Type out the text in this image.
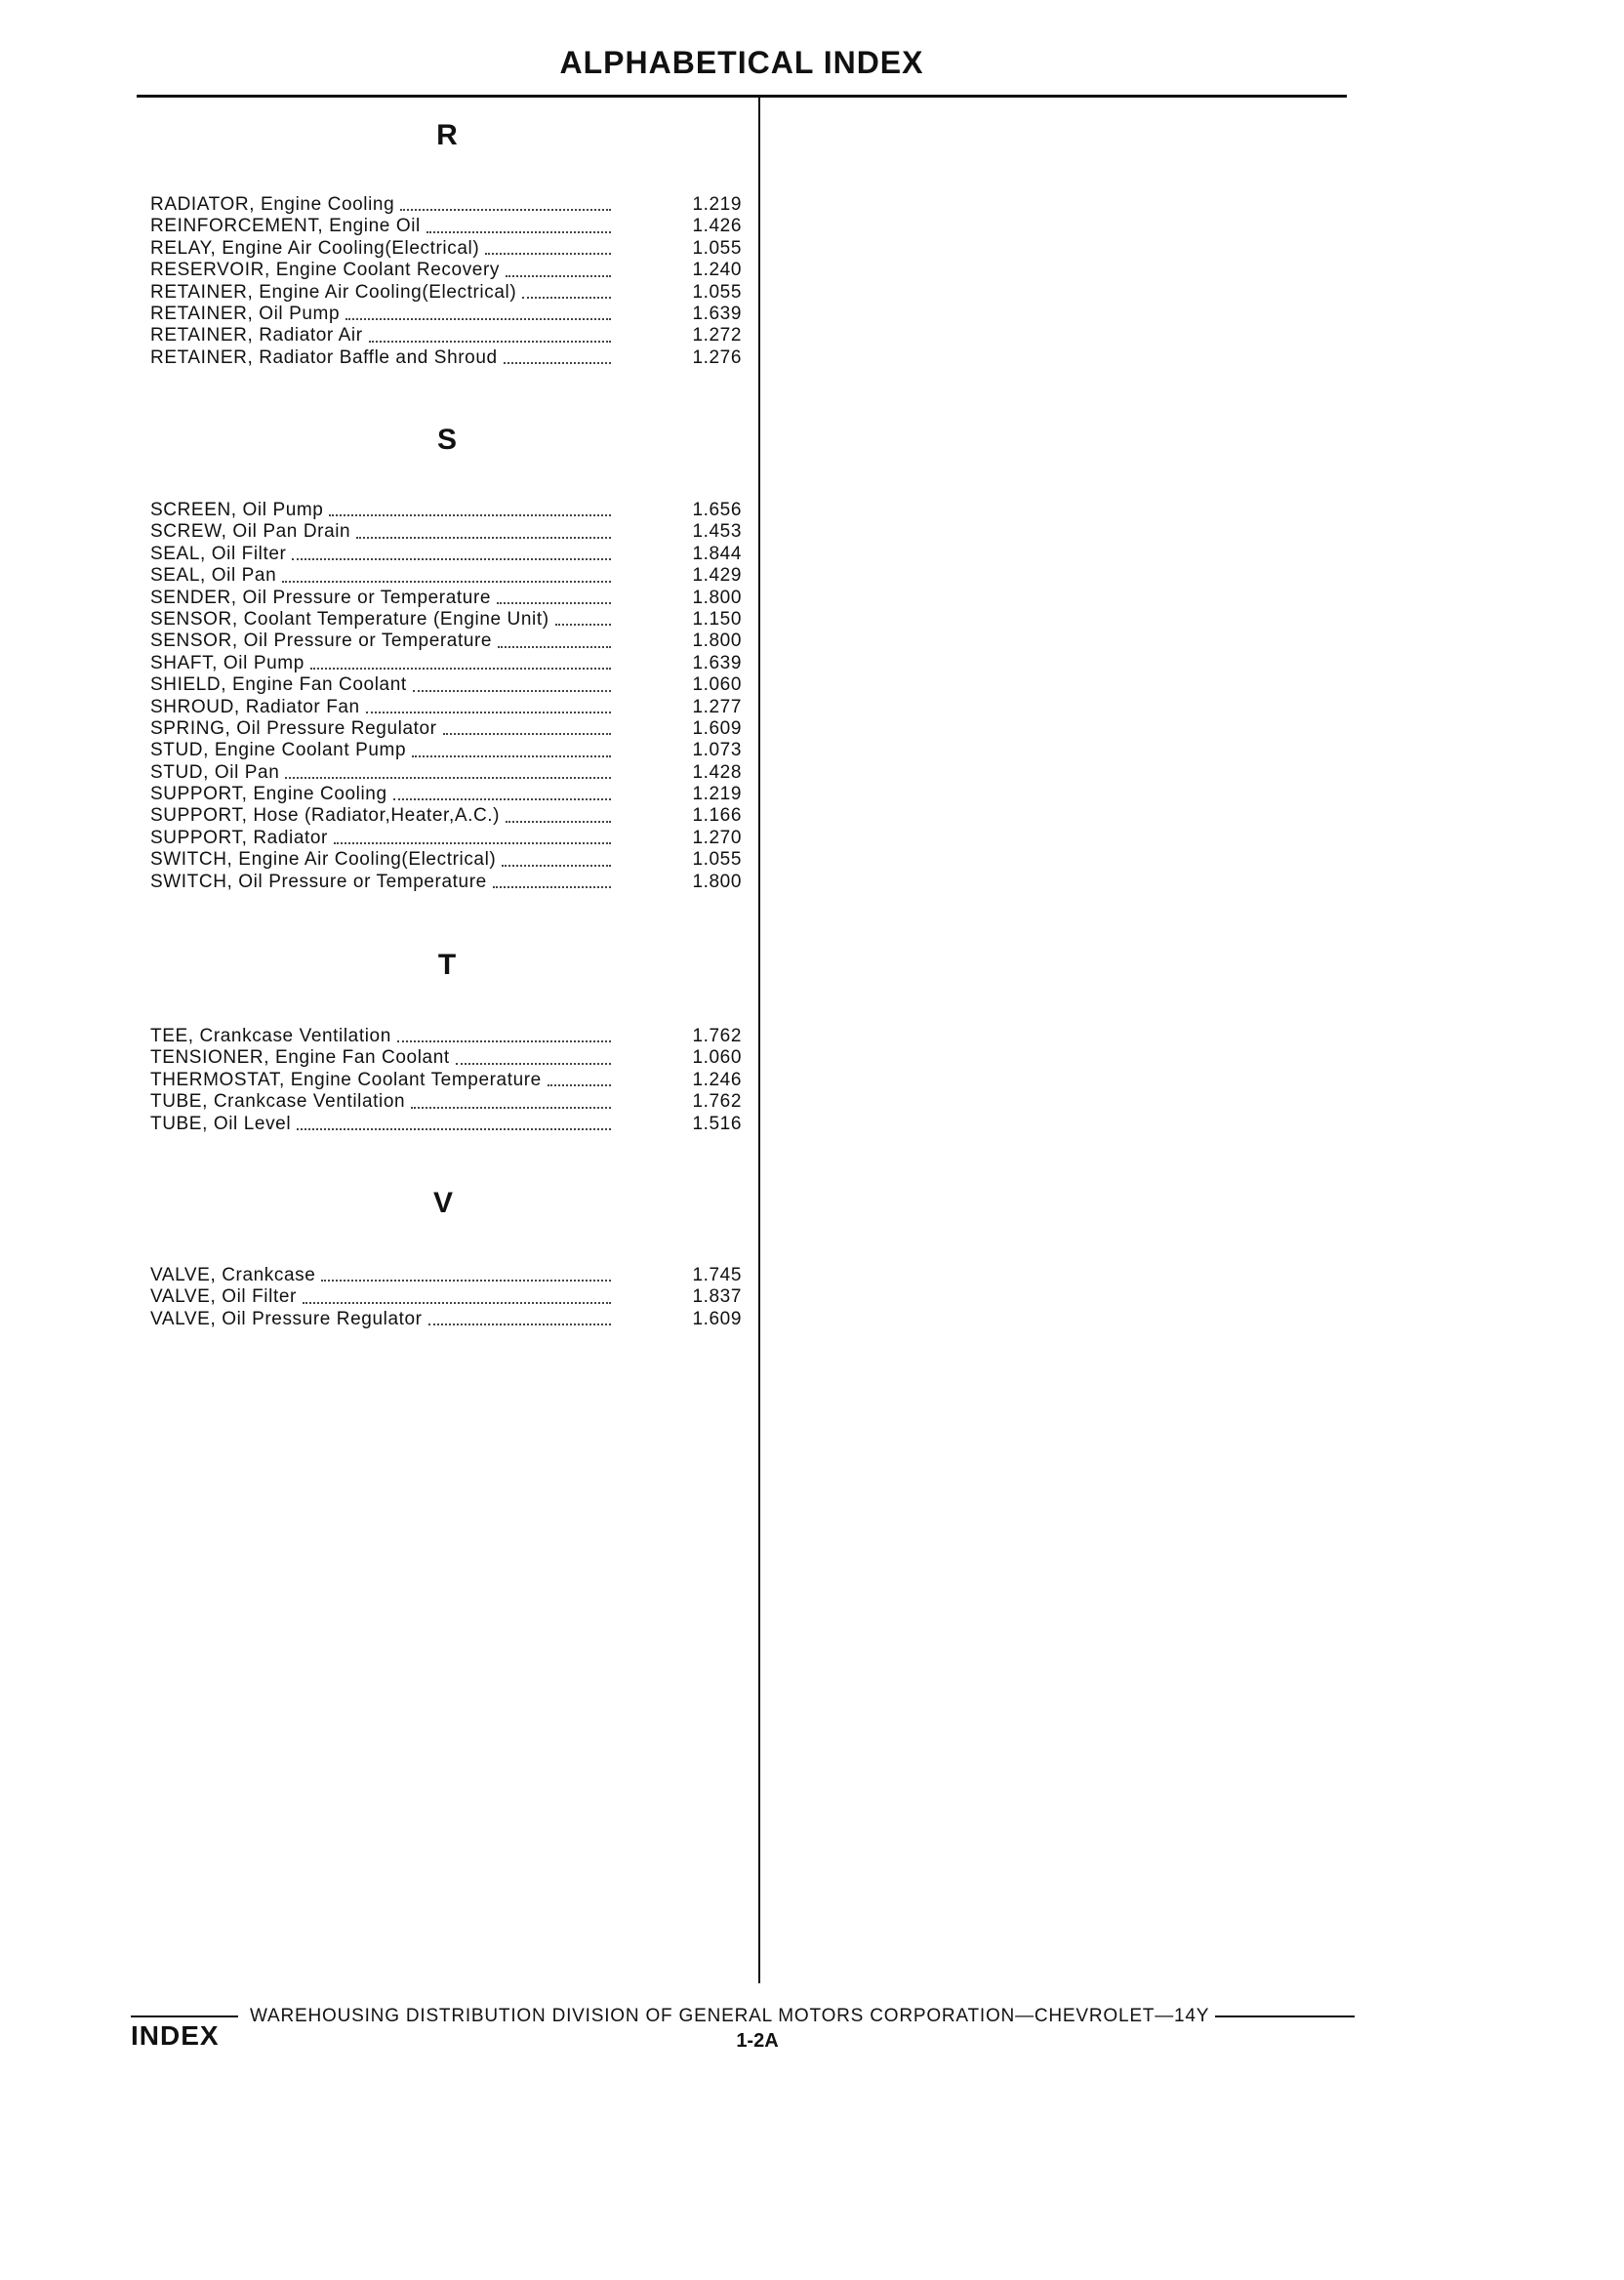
ALPHABETICAL INDEX
R
RADIATOR, Engine Cooling	1.219
REINFORCEMENT, Engine Oil	1.426
RELAY, Engine Air Cooling(Electrical)	1.055
RESERVOIR, Engine Coolant Recovery	1.240
RETAINER, Engine Air Cooling(Electrical)	1.055
RETAINER, Oil Pump	1.639
RETAINER, Radiator Air	1.272
RETAINER, Radiator Baffle and Shroud	1.276
S
SCREEN, Oil Pump	1.656
SCREW, Oil Pan Drain	1.453
SEAL, Oil Filter	1.844
SEAL, Oil Pan	1.429
SENDER, Oil Pressure or Temperature	1.800
SENSOR, Coolant Temperature (Engine Unit)	1.150
SENSOR, Oil Pressure or Temperature	1.800
SHAFT, Oil Pump	1.639
SHIELD, Engine Fan Coolant	1.060
SHROUD, Radiator Fan	1.277
SPRING, Oil Pressure Regulator	1.609
STUD, Engine Coolant Pump	1.073
STUD, Oil Pan	1.428
SUPPORT, Engine Cooling	1.219
SUPPORT, Hose (Radiator,Heater,A.C.)	1.166
SUPPORT, Radiator	1.270
SWITCH, Engine Air Cooling(Electrical)	1.055
SWITCH, Oil Pressure or Temperature	1.800
T
TEE, Crankcase Ventilation	1.762
TENSIONER, Engine Fan Coolant	1.060
THERMOSTAT, Engine Coolant Temperature	1.246
TUBE, Crankcase Ventilation	1.762
TUBE, Oil Level	1.516
V
VALVE, Crankcase	1.745
VALVE, Oil Filter	1.837
VALVE, Oil Pressure Regulator	1.609
WAREHOUSING DISTRIBUTION DIVISION OF GENERAL MOTORS CORPORATION—CHEVROLET—14Y
INDEX	1-2A
